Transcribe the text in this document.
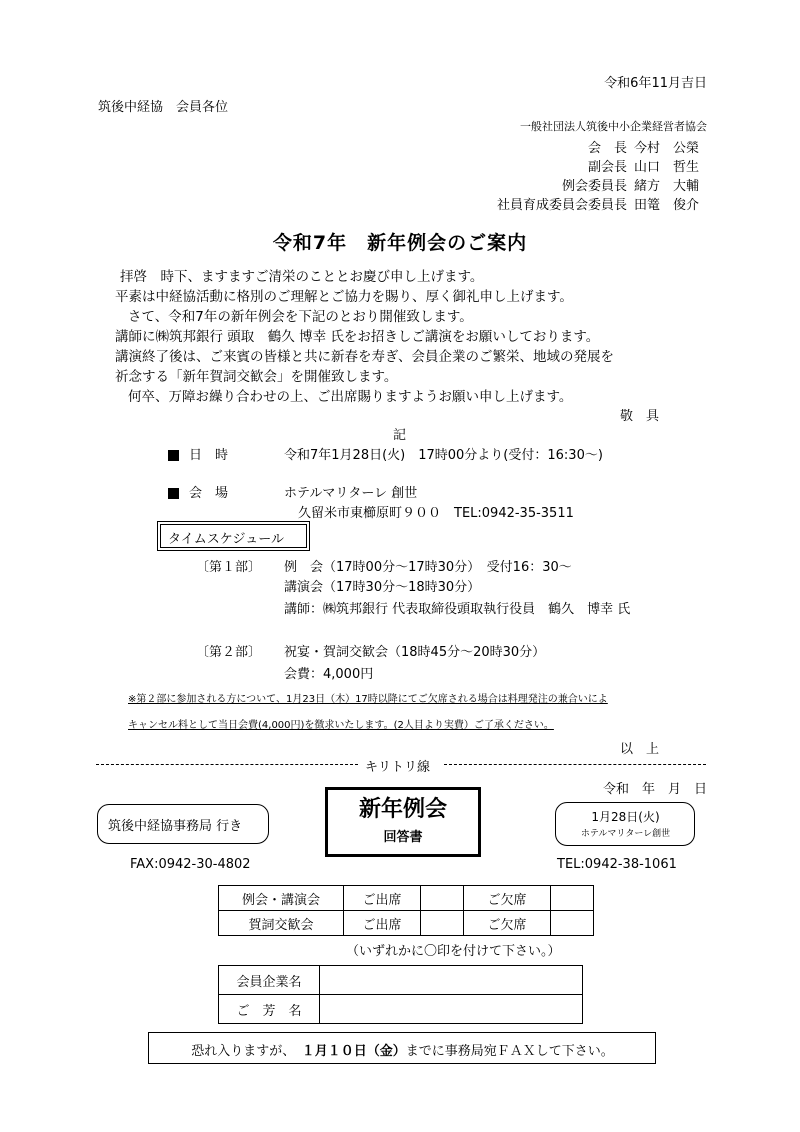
令和6年11月吉日
筑後中経協　会員各位
一般社団法人筑後中小企業経営者協会
会　長 今村　公榮
副会長 山口　哲生
例会委員長 緒方　大輔
社員育成委員会委員長 田篭　俊介
令和7年　新年例会のご案内
拝啓　時下、ますますご清栄のこととお慶び申し上げます。
平素は中経協活動に格別のご理解とご協力を賜り、厚く御礼申し上げます。
さて、令和7年の新年例会を下記のとおり開催致します。
講師に㈱筑邦銀行 頭取　鶴久 博幸 氏をお招きしご講演をお願いしております。
講演終了後は、ご来賓の皆様と共に新春を寿ぎ、会員企業のご繁栄、地域の発展を
祈念する「新年賀詞交歓会」を開催致します。
何卒、万障お繰り合わせの上、ご出席賜りますようお願い申し上げます。
敬　具
記
日　時	令和7年1月28日(火)　17時00分より(受付：16:30～)
会　場	ホテルマリターレ 創世
久留米市東櫛原町９００　TEL:0942-35-3511
タイムスケジュール
〔第１部〕 例　会（17時00分～17時30分）　受付16：30～
講演会（17時30分～18時30分）
講師：㈱筑邦銀行 代表取締役頭取執行役員　鶴久　博幸 氏
〔第２部〕 祝宴・賀詞交歓会（18時45分～20時30分）
会費：4,000円
※第２部に参加される方について、1月23日（木）17時以降にてご欠席される場合は料理発注の兼合いによ
キャンセル料として当日会費(4,000円)を徴求いたします。(2人目より実費）ご了承ください。
以　上
キリトリ線
令和　年　月　日
筑後中経協事務局 行き
新年例会
回答書
1月28日(火)
ホテルマリターレ創世
FAX:0942-30-4802	TEL:0942-38-1061
例会・講演会	ご出席		ご欠席	
賀詞交歓会	ご出席		ご欠席	
（いずれかに〇印を付けて下さい。）
会員企業名	
ご　芳　名	
恐れ入りますが、　１月１０日（金）までに事務局宛ＦＡＸして下さい。
